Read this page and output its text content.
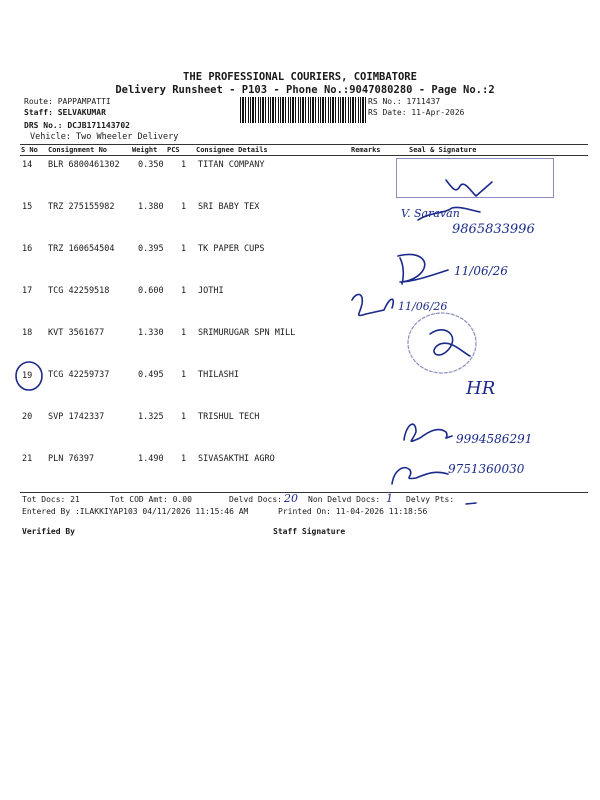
THE PROFESSIONAL COURIERS, COIMBATORE
Delivery Runsheet - P103 - Phone No.:9047080280 - Page No.:2
Route: PAPPAMPATTI
Staff: SELVAKUMAR
DRS No.: DCJB171143702
Vehicle: Two Wheeler Delivery
RS No.: 1711437
RS Date: 11-Apr-2026
S No Consignment No	Weight PCS Consignee Details	Remarks	Seal & Signature
14 BLR 6800461302 0.350 1 TITAN COMPANY
15 TRZ 275155982	1.380 1 SRI BABY TEX
16 TRZ 160654504	0.395 1 TK PAPER CUPS
17 TCG 42259518	0.600 1 JOTHI
18 KVT 3561677	1.330 1 SRIMURUGAR SPN MILL
19 TCG 42259737	0.495 1 THILASHI
20 SVP 1742337	1.325 1 TRISHUL TECH
21 PLN 76397	1.490 1 SIVASAKTHI AGRO
V. Saravan
9865833996
11/06/26
11/06/26
HR
9994586291
9751360030
Tot Docs: 21	Tot COD Amt: 0.00	Delvd Docs: 20 Non Delvd Docs: 1 Delvy Pts:
Entered By :ILAKKIYAP103 04/11/2026 11:15:46 AM	Printed On: 11-04-2026 11:18:56
Verified By	Staff Signature
